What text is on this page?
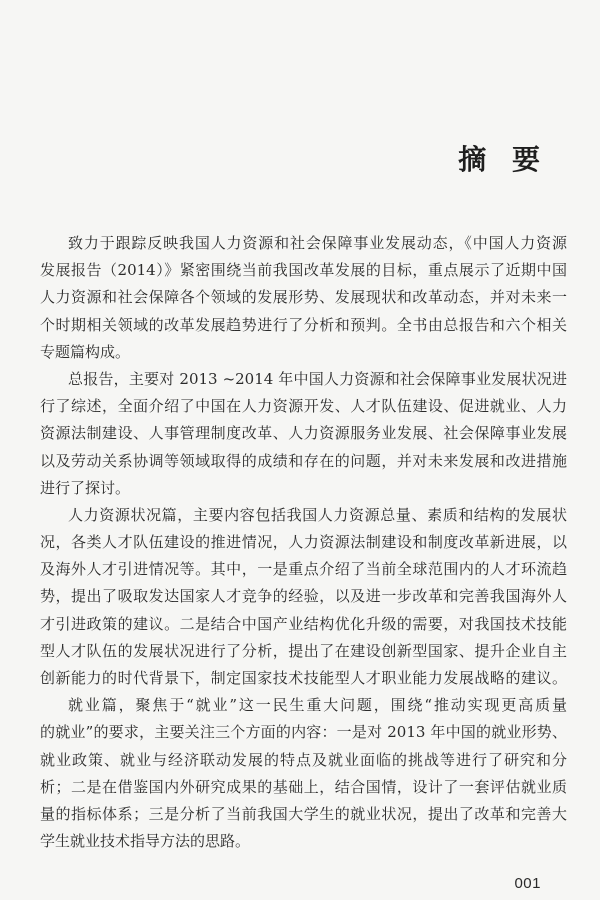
摘 要
致力于跟踪反映我国人力资源和社会保障事业发展动态，《中国人力资源
发展报告（2014）》紧密围绕当前我国改革发展的目标，重点展示了近期中国
人力资源和社会保障各个领域的发展形势、发展现状和改革动态，并对未来一
个时期相关领域的改革发展趋势进行了分析和预判。全书由总报告和六个相关
专题篇构成。
总报告，主要对 2013 ~2014 年中国人力资源和社会保障事业发展状况进
行了综述，全面介绍了中国在人力资源开发、人才队伍建设、促进就业、人力
资源法制建设、人事管理制度改革、人力资源服务业发展、社会保障事业发展
以及劳动关系协调等领域取得的成绩和存在的问题，并对未来发展和改进措施
进行了探讨。
人力资源状况篇，主要内容包括我国人力资源总量、素质和结构的发展状
况，各类人才队伍建设的推进情况，人力资源法制建设和制度改革新进展，以
及海外人才引进情况等。其中，一是重点介绍了当前全球范围内的人才环流趋
势，提出了吸取发达国家人才竞争的经验，以及进一步改革和完善我国海外人
才引进政策的建议。二是结合中国产业结构优化升级的需要，对我国技术技能
型人才队伍的发展状况进行了分析，提出了在建设创新型国家、提升企业自主
创新能力的时代背景下，制定国家技术技能型人才职业能力发展战略的建议。
就业篇，聚焦于“就业”这一民生重大问题，围绕“推动实现更高质量
的就业”的要求，主要关注三个方面的内容：一是对 2013 年中国的就业形势、
就业政策、就业与经济联动发展的特点及就业面临的挑战等进行了研究和分
析；二是在借鉴国内外研究成果的基础上，结合国情，设计了一套评估就业质
量的指标体系；三是分析了当前我国大学生的就业状况，提出了改革和完善大
学生就业技术指导方法的思路。
001
